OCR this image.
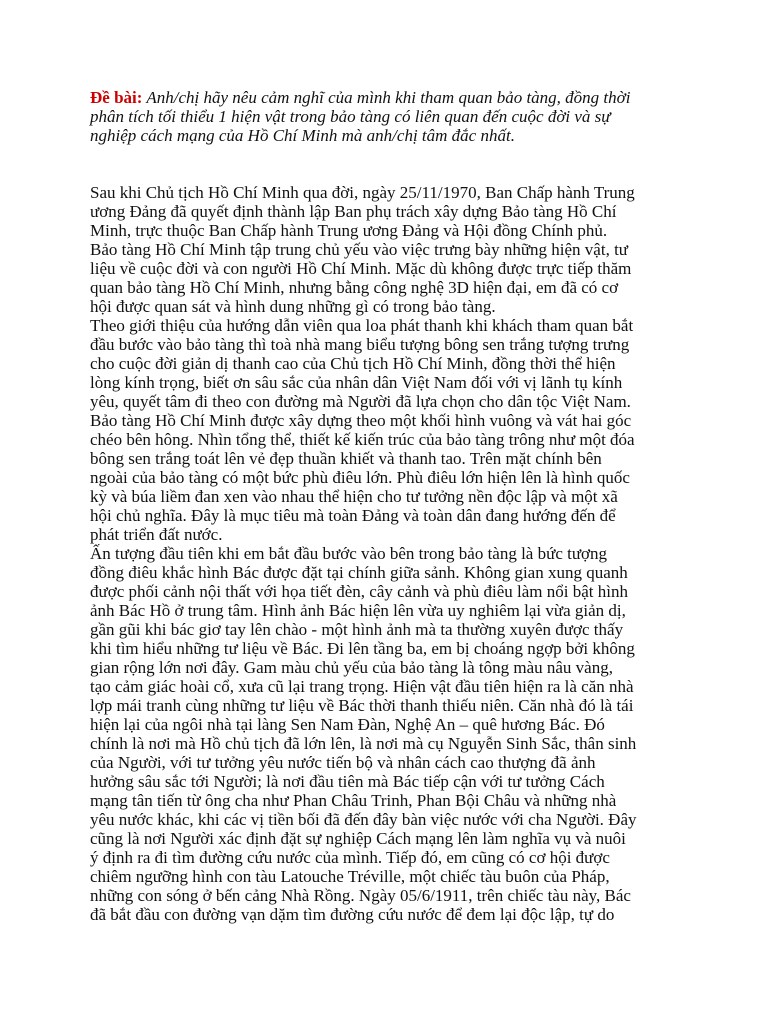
Đề bài: Anh/chị hãy nêu cảm nghĩ của mình khi tham quan bảo tàng, đồng thời
phân tích tối thiểu 1 hiện vật trong bảo tàng có liên quan đến cuộc đời và sự
nghiệp cách mạng của Hồ Chí Minh mà anh/chị tâm đắc nhất.

Sau khi Chủ tịch Hồ Chí Minh qua đời, ngày 25/11/1970, Ban Chấp hành Trung
ương Đảng đã quyết định thành lập Ban phụ trách xây dựng Bảo tàng Hồ Chí
Minh, trực thuộc Ban Chấp hành Trung ương Đảng và Hội đồng Chính phủ.
Bảo tàng Hồ Chí Minh tập trung chủ yếu vào việc trưng bày những hiện vật, tư
liệu về cuộc đời và con người Hồ Chí Minh. Mặc dù không được trực tiếp thăm
quan bảo tàng Hồ Chí Minh, nhưng bằng công nghệ 3D hiện đại, em đã có cơ
hội được quan sát và hình dung những gì có trong bảo tàng.

Theo giới thiệu của hướng dẫn viên qua loa phát thanh khi khách tham quan bắt
đầu bước vào bảo tàng thì toà nhà mang biểu tượng bông sen trắng tượng trưng
cho cuộc đời giản dị thanh cao của Chủ tịch Hồ Chí Minh, đồng thời thể hiện
lòng kính trọng, biết ơn sâu sắc của nhân dân Việt Nam đối với vị lãnh tụ kính
yêu, quyết tâm đi theo con đường mà Người đã lựa chọn cho dân tộc Việt Nam.
Bảo tàng Hồ Chí Minh được xây dựng theo một khối hình vuông và vát hai góc
chéo bên hông. Nhìn tổng thể, thiết kế kiến trúc của bảo tàng trông như một đóa
bông sen trắng toát lên vẻ đẹp thuần khiết và thanh tao. Trên mặt chính bên
ngoài của bảo tàng có một bức phù điêu lớn. Phù điêu lớn hiện lên là hình quốc
kỳ và búa liềm đan xen vào nhau thể hiện cho tư tưởng nền độc lập và một xã
hội chủ nghĩa. Đây là mục tiêu mà toàn Đảng và toàn dân đang hướng đến để
phát triển đất nước.

Ấn tượng đầu tiên khi em bắt đầu bước vào bên trong bảo tàng là bức tượng
đồng điêu khắc hình Bác được đặt tại chính giữa sảnh. Không gian xung quanh
được phối cảnh nội thất với họa tiết đèn, cây cảnh và phù điêu làm nổi bật hình
ảnh Bác Hồ ở trung tâm. Hình ảnh Bác hiện lên vừa uy nghiêm lại vừa giản dị,
gần gũi khi bác giơ tay lên chào - một hình ảnh mà ta thường xuyên được thấy
khi tìm hiểu những tư liệu về Bác. Đi lên tầng ba, em bị choáng ngợp bởi không
gian rộng lớn nơi đây. Gam màu chủ yếu của bảo tàng là tông màu nâu vàng,
tạo cảm giác hoài cổ, xưa cũ lại trang trọng. Hiện vật đầu tiên hiện ra là căn nhà
lợp mái tranh cùng những tư liệu về Bác thời thanh thiếu niên. Căn nhà đó là tái
hiện lại của ngôi nhà tại làng Sen Nam Đàn, Nghệ An – quê hương Bác. Đó
chính là nơi mà Hồ chủ tịch đã lớn lên, là nơi mà cụ Nguyễn Sinh Sắc, thân sinh
của Người, với tư tưởng yêu nước tiến bộ và nhân cách cao thượng đã ảnh
hưởng sâu sắc tới Người; là nơi đầu tiên mà Bác tiếp cận với tư tưởng Cách
mạng tân tiến từ ông cha như Phan Châu Trinh, Phan Bội Châu và những nhà
yêu nước khác, khi các vị tiền bối đã đến đây bàn việc nước với cha Người. Đây
cũng là nơi Người xác định đặt sự nghiệp Cách mạng lên làm nghĩa vụ và nuôi
ý định ra đi tìm đường cứu nước của mình. Tiếp đó, em cũng có cơ hội được
chiêm ngưỡng hình con tàu Latouche Tréville, một chiếc tàu buôn của Pháp,
những con sóng ở bến cảng Nhà Rồng. Ngày 05/6/1911, trên chiếc tàu này, Bác
đã bắt đầu con đường vạn dặm tìm đường cứu nước để đem lại độc lập, tự do
